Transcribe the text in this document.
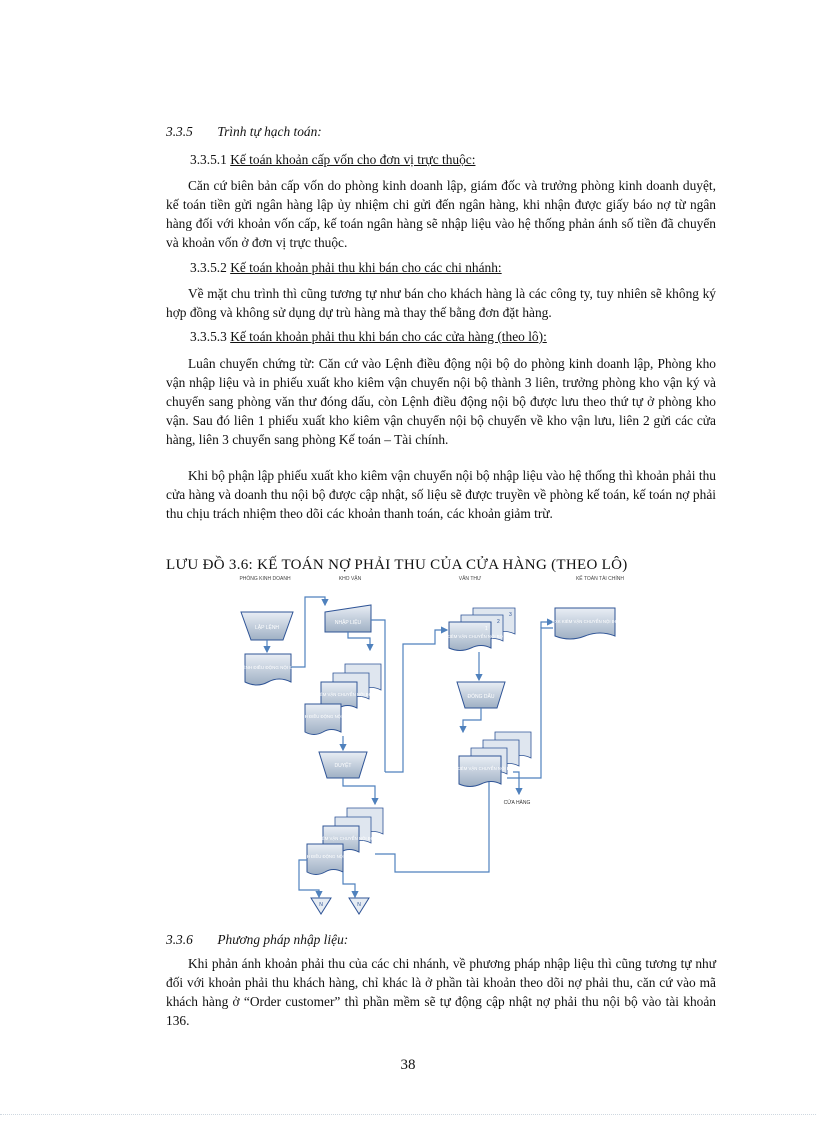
3.3.5 Trình tự hạch toán:
3.3.5.1 Kế toán khoản cấp vốn cho đơn vị trực thuộc:

Căn cứ biên bản cấp vốn do phòng kinh doanh lập, giám đốc và trưởng phòng kinh doanh duyệt, kế toán tiền gửi ngân hàng lập ủy nhiệm chi gửi đến ngân hàng, khi nhận được giấy báo nợ từ ngân hàng đối với khoản vốn cấp, kế toán ngân hàng sẽ nhập liệu vào hệ thống phản ánh số tiền đã chuyển và khoản vốn ở đơn vị trực thuộc.

3.3.5.2 Kế toán khoản phải thu khi bán cho các chi nhánh:

Về mặt chu trình thì cũng tương tự như bán cho khách hàng là các công ty, tuy nhiên sẽ không ký hợp đồng và không sử dụng dự trù hàng mà thay thế bằng đơn đặt hàng.

3.3.5.3 Kế toán khoản phải thu khi bán cho các cửa hàng (theo lô):

Luân chuyển chứng từ: Căn cứ vào Lệnh điều động nội bộ do phòng kinh doanh lập, Phòng kho vận nhập liệu và in phiếu xuất kho kiêm vận chuyển nội bộ thành 3 liên, trưởng phòng kho vận ký và chuyển sang phòng văn thư đóng dấu, còn Lệnh điều động nội bộ được lưu theo thứ tự ở phòng kho vận. Sau đó liên 1 phiếu xuất kho kiêm vận chuyển nội bộ chuyển về kho vận lưu, liên 2 gửi các cửa hàng, liên 3 chuyển sang phòng Kế toán – Tài chính.

Khi bộ phận lập phiếu xuất kho kiêm vận chuyển nội bộ nhập liệu vào hệ thống thì khoản phải thu cửa hàng và doanh thu nội bộ được cập nhật, số liệu sẽ được truyền về phòng kế toán, kế toán nợ phải thu chịu trách nhiệm theo dõi các khoản thanh toán, các khoản giảm trừ.

LƯU ĐỒ 3.6: KẾ TOÁN NỢ PHẢI THU CỦA CỬA HÀNG (THEO LÔ)
PHÒNG KINH DOANH	KHO VẬN	VĂN THƯ	KẾ TOÁN TÀI CHÍNH
LẬP LỆNH
LỆNH ĐIỀU ĐỘNG NỘI BỘ
NHẬP LIỆU
PXK KIÊM VẬN CHUYỂN NỘI BỘ
LỆNH ĐIỀU ĐỘNG NỘI BỘ
DUYỆT
PXK KIÊM VẬN CHUYỂN NỘI BỘ
LỆNH ĐIỀU ĐỘNG NỘI BỘ
N	N
3
2
1
PXK KIÊM VẬN CHUYỂN NỘI BỘ
ĐÓNG DẤU
PXK KIÊM VẬN CHUYỂN NỘI BỘ
CỬA HÀNG
PXK KIÊM VẬN CHUYỂN NỘI BỘ
3.3.6 Phương pháp nhập liệu:

Khi phản ánh khoản phải thu của các chi nhánh, về phương pháp nhập liệu thì cũng tương tự như đối với khoản phải thu khách hàng, chỉ khác là ở phần tài khoản theo dõi nợ phải thu, căn cứ vào mã khách hàng ở “Order customer” thì phần mềm sẽ tự động cập nhật nợ phải thu nội bộ vào tài khoản 136.

38
